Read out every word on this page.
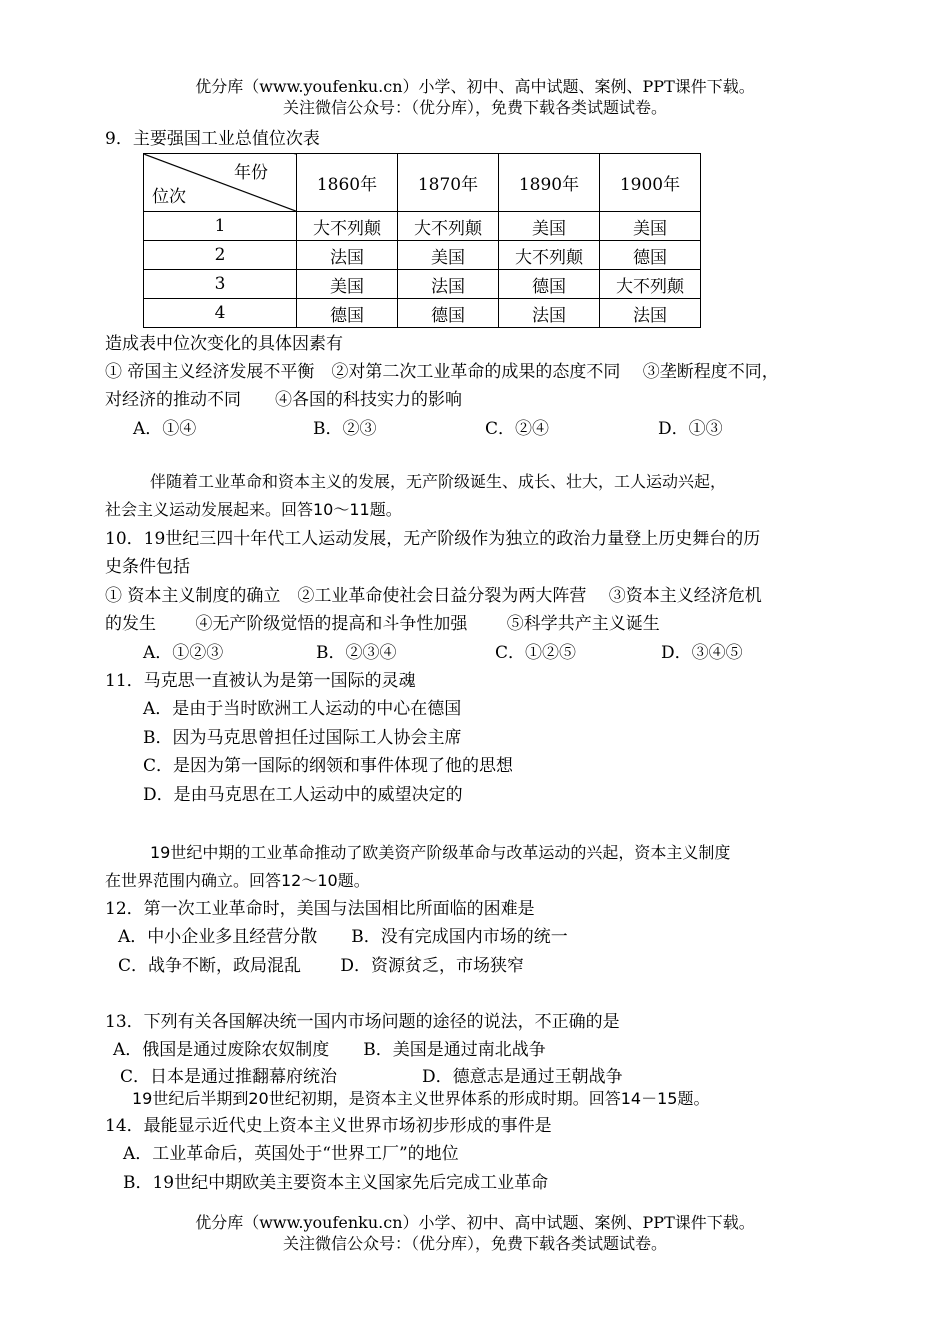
优分库（www.youfenku.cn）小学、初中、高中试题、案例、PPT课件下载。
关注微信公众号：（优分库），免费下载各类试题试卷。
9．主要强国工业总值位次表
年份
位次	1860年	1870年	1890年	1900年
1	大不列颠	大不列颠	美国	美国
2	法国	美国	大不列颠	德国
3	美国	法国	德国	大不列颠
4	德国	德国	法国	法国
造成表中位次变化的具体因素有
① 帝国主义经济发展不平衡　②对第二次工业革命的成果的态度不同　 ③垄断程度不同，
对经济的推动不同　　④各国的科技实力的影响
A．①④	B．②③	C．②④	D．①③
伴随着工业革命和资本主义的发展，无产阶级诞生、成长、壮大，工人运动兴起，
社会主义运动发展起来。回答10～11题。
10．19世纪三四十年代工人运动发展，无产阶级作为独立的政治力量登上历史舞台的历
史条件包括
① 资本主义制度的确立　②工业革命使社会日益分裂为两大阵营　 ③资本主义经济危机
的发生　　 ④无产阶级觉悟的提高和斗争性加强　　 ⑤科学共产主义诞生
A．①②③	B．②③④	C．①②⑤	D．③④⑤
11．马克思一直被认为是第一国际的灵魂
A．是由于当时欧洲工人运动的中心在德国
B．因为马克思曾担任过国际工人协会主席
C．是因为第一国际的纲领和事件体现了他的思想
D．是由马克思在工人运动中的威望决定的
19世纪中期的工业革命推动了欧美资产阶级革命与改革运动的兴起，资本主义制度
在世界范围内确立。回答12～10题。
12．第一次工业革命时，美国与法国相比所面临的困难是
A．中小企业多且经营分散　　B．没有完成国内市场的统一
C．战争不断，政局混乱　　 D．资源贫乏，市场狭窄
13．下列有关各国解决统一国内市场问题的途径的说法，不正确的是
A．俄国是通过废除农奴制度　　B．美国是通过南北战争
C．日本是通过推翻幕府统治　　　　　D．德意志是通过王朝战争
19世纪后半期到20世纪初期，是资本主义世界体系的形成时期。回答14－15题。
14．最能显示近代史上资本主义世界市场初步形成的事件是
A．工业革命后，英国处于“世界工厂”的地位
B．19世纪中期欧美主要资本主义国家先后完成工业革命
优分库（www.youfenku.cn）小学、初中、高中试题、案例、PPT课件下载。
关注微信公众号：（优分库），免费下载各类试题试卷。
